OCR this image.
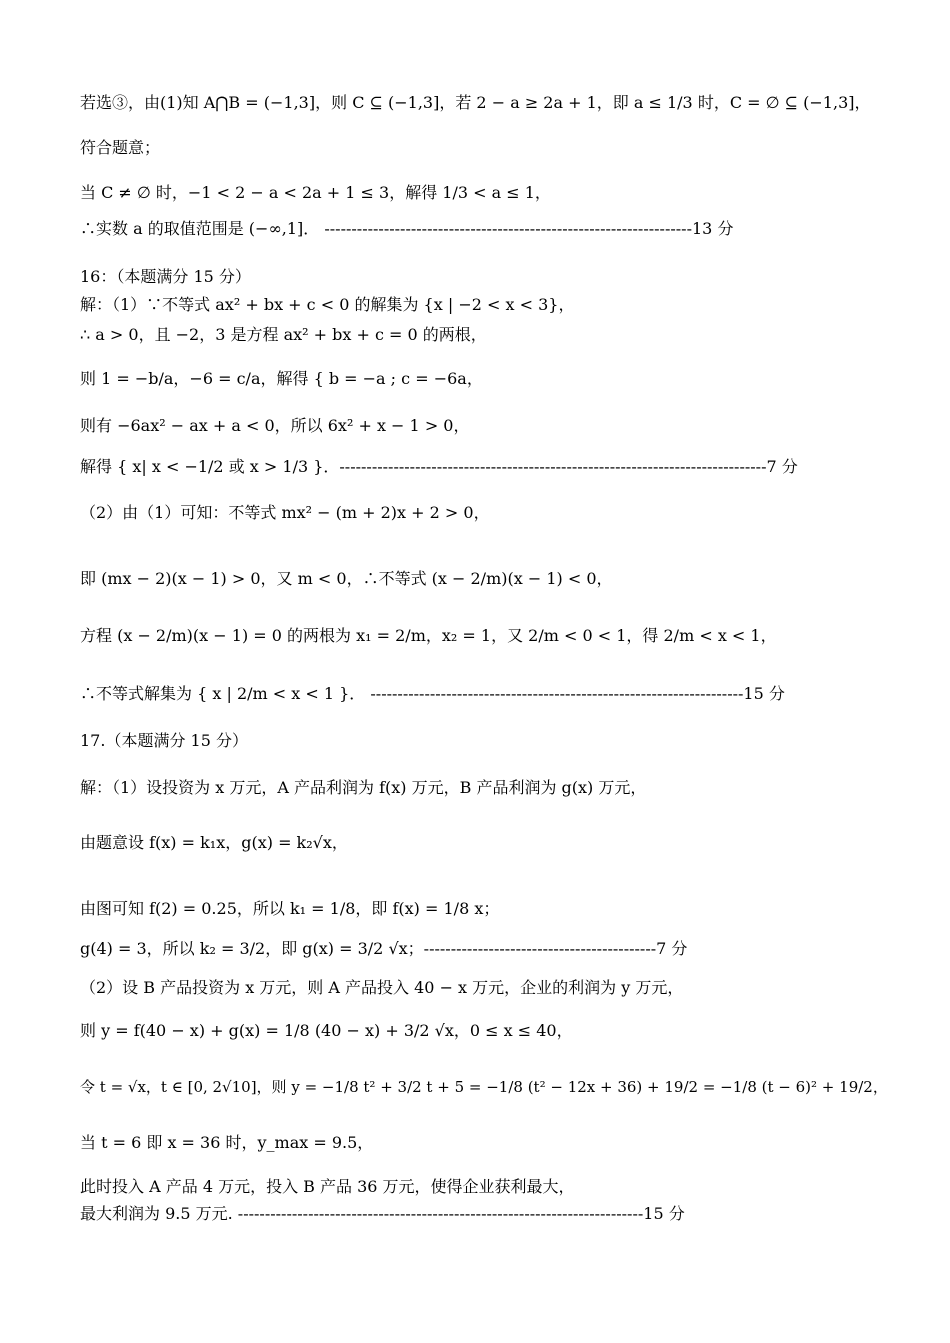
若选③，由(1)知 A⋂B = (−1,3]，则 C ⊆ (−1,3]，若 2 − a ≥ 2a + 1，即 a ≤ 1/3 时，C = ∅ ⊆ (−1,3]，
符合题意；
当 C ≠ ∅ 时，−1 < 2 − a < 2a + 1 ≤ 3，解得 1/3 < a ≤ 1，
∴实数 a 的取值范围是 (−∞,1]． --------------------------------------------------------------------13 分
16：（本题满分 15 分）
解：（1）∵不等式 ax² + bx + c < 0 的解集为 {x | −2 < x < 3}，
∴ a > 0，且 −2，3 是方程 ax² + bx + c = 0 的两根，
则 1 = −b/a，−6 = c/a，解得 { b = −a ; c = −6a，
则有 −6ax² − ax + a < 0，所以 6x² + x − 1 > 0，
解得 { x| x < −1/2 或 x > 1/3 }．-------------------------------------------------------------------------------7 分
（2）由（1）可知：不等式 mx² − (m + 2)x + 2 > 0，
即 (mx − 2)(x − 1) > 0，又 m < 0，∴不等式 (x − 2/m)(x − 1) < 0，
方程 (x − 2/m)(x − 1) = 0 的两根为 x₁ = 2/m，x₂ = 1，又 2/m < 0 < 1，得 2/m < x < 1，
∴不等式解集为 { x | 2/m < x < 1 }． ---------------------------------------------------------------------15 分
17.（本题满分 15 分）
解：（1）设投资为 x 万元，A 产品利润为 f(x) 万元，B 产品利润为 g(x) 万元，
由题意设 f(x) = k₁x，g(x) = k₂√x，
由图可知 f(2) = 0.25，所以 k₁ = 1/8，即 f(x) = 1/8 x；
g(4) = 3，所以 k₂ = 3/2，即 g(x) = 3/2 √x；-------------------------------------------7 分
（2）设 B 产品投资为 x 万元，则 A 产品投入 40 − x 万元，企业的利润为 y 万元，
则 y = f(40 − x) + g(x) = 1/8 (40 − x) + 3/2 √x，0 ≤ x ≤ 40，
令 t = √x，t ∈ [0, 2√10]，则 y = −1/8 t² + 3/2 t + 5 = −1/8 (t² − 12x + 36) + 19/2 = −1/8 (t − 6)² + 19/2，
当 t = 6 即 x = 36 时，y_max = 9.5，
此时投入 A 产品 4 万元，投入 B 产品 36 万元，使得企业获利最大，
最大利润为 9.5 万元. ---------------------------------------------------------------------------15 分
